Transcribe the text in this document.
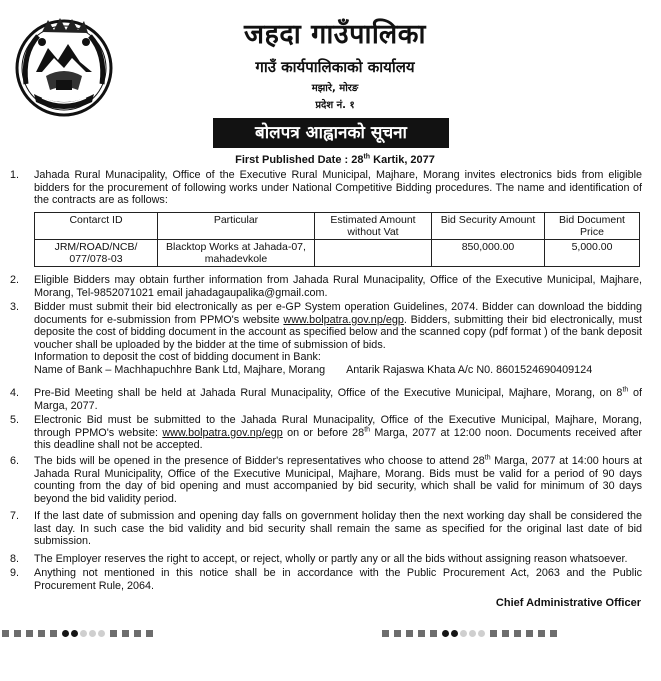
जहदा गाउँपालिका
गाउँ कार्यपालिकाको कार्यालय
मझारे, मोरङ
प्रदेश नं. १
बोलपत्र आह्वानको सूचना
First Published Date : 28th Kartik, 2077
1.	Jahada Rural Munacipality, Office of the Executive Rural Municipal, Majhare, Morang invites electronics bids from eligible bidders for the procurement of following works under National Competitive Bidding procedures. The name and identification of the contracts are as follows:
Contarct ID	Particular	Estimated Amount without Vat	Bid Security Amount	Bid Document Price
JRM/ROAD/NCB/ 077/078-03	Blacktop Works at Jahada-07, mahadevkole		850,000.00	5,000.00
2.	Eligible Bidders may obtain further information from Jahada Rural Munacipality, Office of the Executive Municipal, Majhare, Morang, Tel-9852071021 email jahadagaupalika@gmail.com.
3.	Bidder must submit their bid electronically as per e-GP System operation Guidelines, 2074. Bidder can download the bidding documents for e-submission from PPMO's website www.bolpatra.gov.np/egp. Bidders, submitting their bid electronically, must deposite the cost of bidding document in the account as specified below and the scanned copy (pdf format ) of the bank deposit voucher shall be uploaded by the bidder at the time of submission of bids.
Information to deposit the cost of bidding document in Bank:
Name of Bank – Machhapuchhre Bank Ltd, Majhare, Morang Antarik Rajaswa Khata A/c N0. 8601524690409124
4.	Pre-Bid Meeting shall be held at Jahada Rural Munacipality, Office of the Executive Municipal, Majhare, Morang, on 8th of Marga, 2077.
5.	Electronic Bid must be submitted to the Jahada Rural Munacipality, Office of the Executive Municipal, Majhare, Morang, through PPMO's website: www.bolpatra.gov.np/egp on or before 28th Marga, 2077 at 12:00 noon. Documents received after this deadline shall not be accepted.
6.	The bids will be opened in the presence of Bidder's representatives who choose to attend 28th Marga, 2077 at 14:00 hours at Jahada Rural Municipality, Office of the Executive Municipal, Majhare, Morang. Bids must be valid for a period of 90 days counting from the day of bid opening and must accompanied by bid security, which shall be valid for minimum of 30 days beyond the bid validity period.
7.	If the last date of submission and opening day falls on government holiday then the next working day shall be considered the last day. In such case the bid validity and bid security shall remain the same as specified for the original last date of bid submission.
8.	The Employer reserves the right to accept, or reject, wholly or partly any or all the bids without assigning reason whatsoever.
9.	Anything not mentioned in this notice shall be in accordance with the Public Procurement Act, 2063 and the Public Procurement Rule, 2064.
Chief Administrative Officer
